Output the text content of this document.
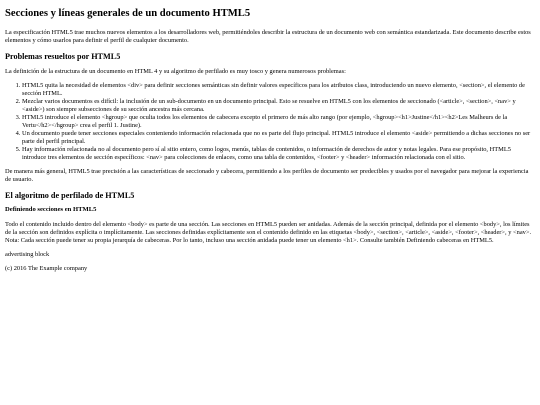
Secciones y líneas generales de un documento HTML5

La especificación HTML5 trae muchos nuevos elementos a los desarrolladores web, permitiéndoles describir la estructura de un documento web con semántica estandarizada. Este documento describe estos elementos y cómo usarlos para definir el perfil de cualquier documento.

Problemas resueltos por HTML5

La definición de la estructura de un documento en HTML 4 y su algoritmo de perfilado es muy tosco y genera numerosos problemas:

1. HTML5 quita la necesidad de elementos <div> para definir secciones semánticas sin definir valores específicos para los atributos class, introduciendo un nuevo elemento, <section>, el elemento de sección HTML.
2. Mezclar varios documentos es difícil: la inclusión de un sub-documento en un documento principal. Esto se resuelve en HTML5 con los elementos de seccionado (<article>, <section>, <nav> y <aside>) son siempre subsecciones de su sección ancestra más cercana.
3. HTML5 introduce el elemento <hgroup> que oculta todos los elementos de cabecera excepto el primero de más alto rango (por ejemplo, <hgroup><h1>Justine</h1><h2>Les Malheurs de la Vertu</h2></hgroup> crea el perfil 1. Justine).
4. Un documento puede tener secciones especiales conteniendo información relacionada que no es parte del flujo principal. HTML5 introduce el elemento <aside> permitiendo a dichas secciones no ser parte del perfil principal.
5. Hay información relacionada no al documento pero sí al sitio entero, como logos, menús, tablas de contenidos, o información de derechos de autor y notas legales. Para ese propósito, HTML5 introduce tres elementos de sección específicos: <nav> para colecciones de enlaces, como una tabla de contenidos, <footer> y <header> información relacionada con el sitio.

De manera más general, HTML5 trae precisión a las características de seccionado y cabecera, permitiendo a los perfiles de documento ser predecibles y usados por el navegador para mejorar la experiencia de usuario.

El algoritmo de perfilado de HTML5
Definiendo secciones en HTML5

Todo el contenido incluido dentro del elemento <body> es parte de una sección. Las secciones en HTML5 pueden ser anidadas. Además de la sección principal, definida por el elemento <body>, los límites de la sección son definidos explícita o implícitamente. Las secciones definidas explícitamente son el contenido definido en las etiquetas <body>, <section>, <article>, <aside>, <footer>, <header>, y <nav>. Nota: Cada sección puede tener su propia jerarquía de cabeceras. Por lo tanto, incluso una sección anidada puede tener un elemento <h1>. Consulte también Definiendo cabeceras en HTML5.

advertising block

(c) 2016 The Example company
